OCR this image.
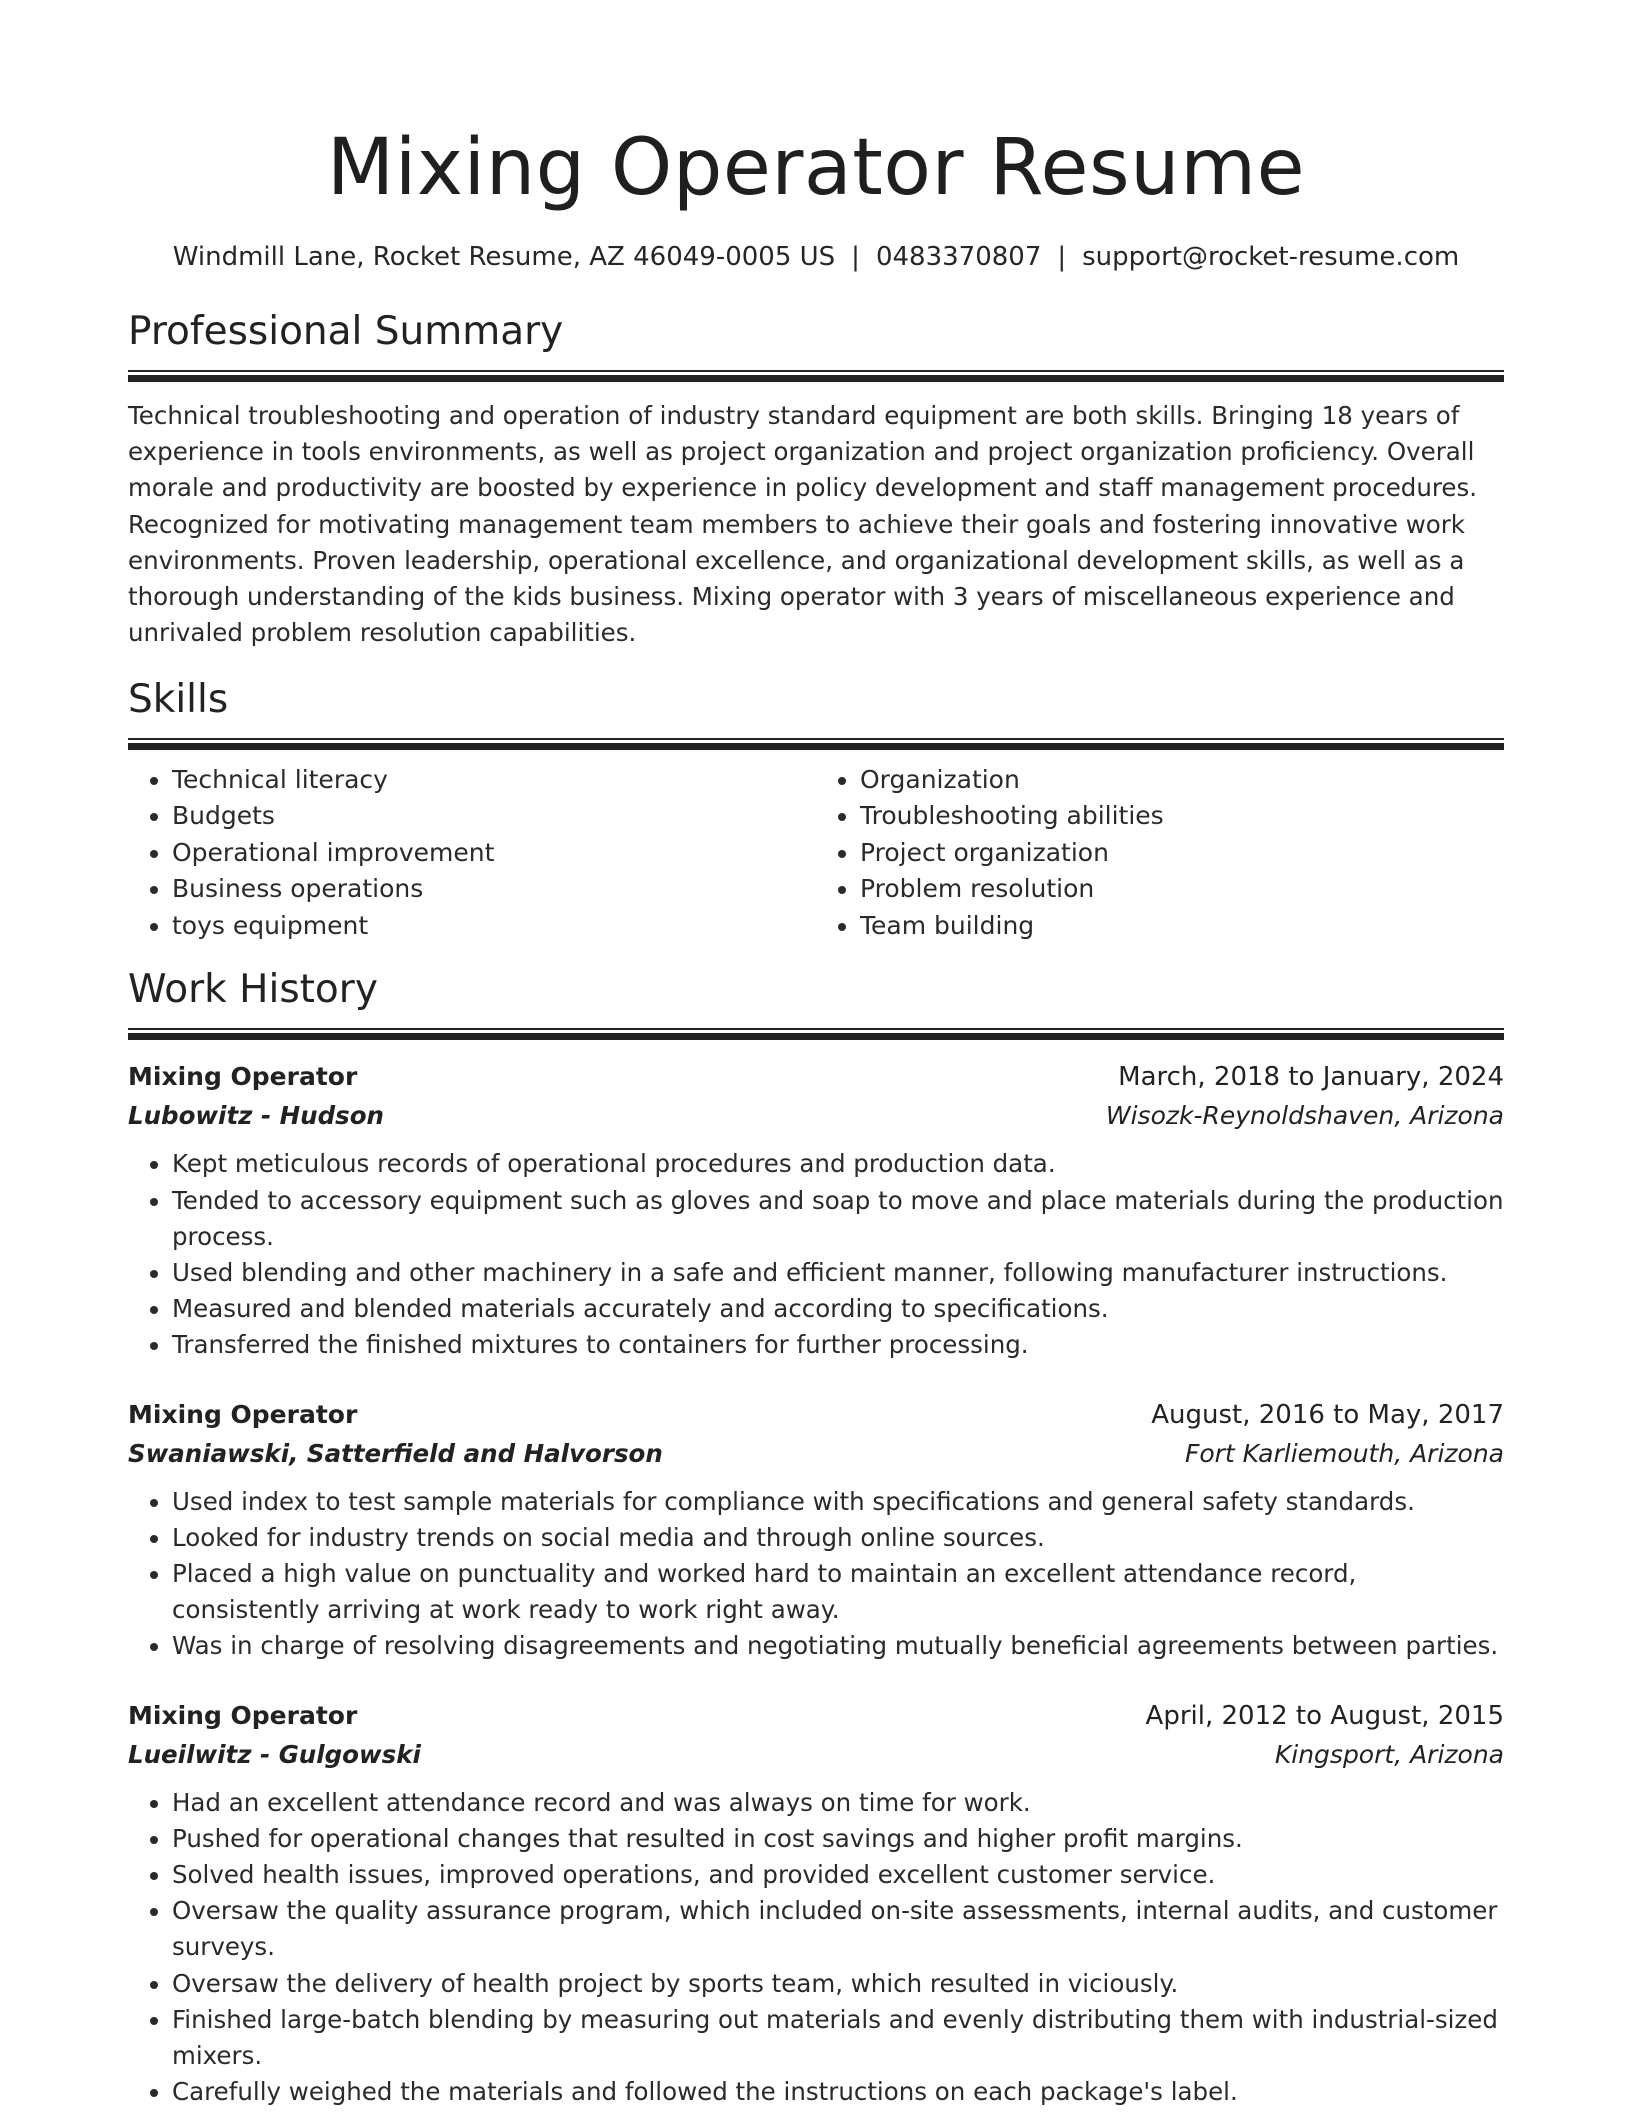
Mixing Operator Resume
Windmill Lane, Rocket Resume, AZ 46049-0005 US | 0483370807 | support@rocket-resume.com
Professional Summary

Technical troubleshooting and operation of industry standard equipment are both skills. Bringing 18 years of experience in tools environments, as well as project organization and project organization proficiency. Overall morale and productivity are boosted by experience in policy development and staff management procedures. Recognized for motivating management team members to achieve their goals and fostering innovative work environments. Proven leadership, operational excellence, and organizational development skills, as well as a thorough understanding of the kids business. Mixing operator with 3 years of miscellaneous experience and unrivaled problem resolution capabilities.

Skills
• Technical literacy
• Budgets
• Operational improvement
• Business operations
• toys equipment
• Organization
• Troubleshooting abilities
• Project organization
• Problem resolution
• Team building
Work History
Mixing Operator	March, 2018 to January, 2024
Lubowitz - Hudson	Wisozk-Reynoldshaven, Arizona
• Kept meticulous records of operational procedures and production data.
• Tended to accessory equipment such as gloves and soap to move and place materials during the production process.
• Used blending and other machinery in a safe and efficient manner, following manufacturer instructions.
• Measured and blended materials accurately and according to specifications.
• Transferred the finished mixtures to containers for further processing.
Mixing Operator	August, 2016 to May, 2017
Swaniawski, Satterfield and Halvorson	Fort Karliemouth, Arizona
• Used index to test sample materials for compliance with specifications and general safety standards.
• Looked for industry trends on social media and through online sources.
• Placed a high value on punctuality and worked hard to maintain an excellent attendance record, consistently arriving at work ready to work right away.
• Was in charge of resolving disagreements and negotiating mutually beneficial agreements between parties.
Mixing Operator	April, 2012 to August, 2015
Lueilwitz - Gulgowski	Kingsport, Arizona
• Had an excellent attendance record and was always on time for work.
• Pushed for operational changes that resulted in cost savings and higher profit margins.
• Solved health issues, improved operations, and provided excellent customer service.
• Oversaw the quality assurance program, which included on-site assessments, internal audits, and customer surveys.
• Oversaw the delivery of health project by sports team, which resulted in viciously.
• Finished large-batch blending by measuring out materials and evenly distributing them with industrial-sized mixers.
• Carefully weighed the materials and followed the instructions on each package's label.
